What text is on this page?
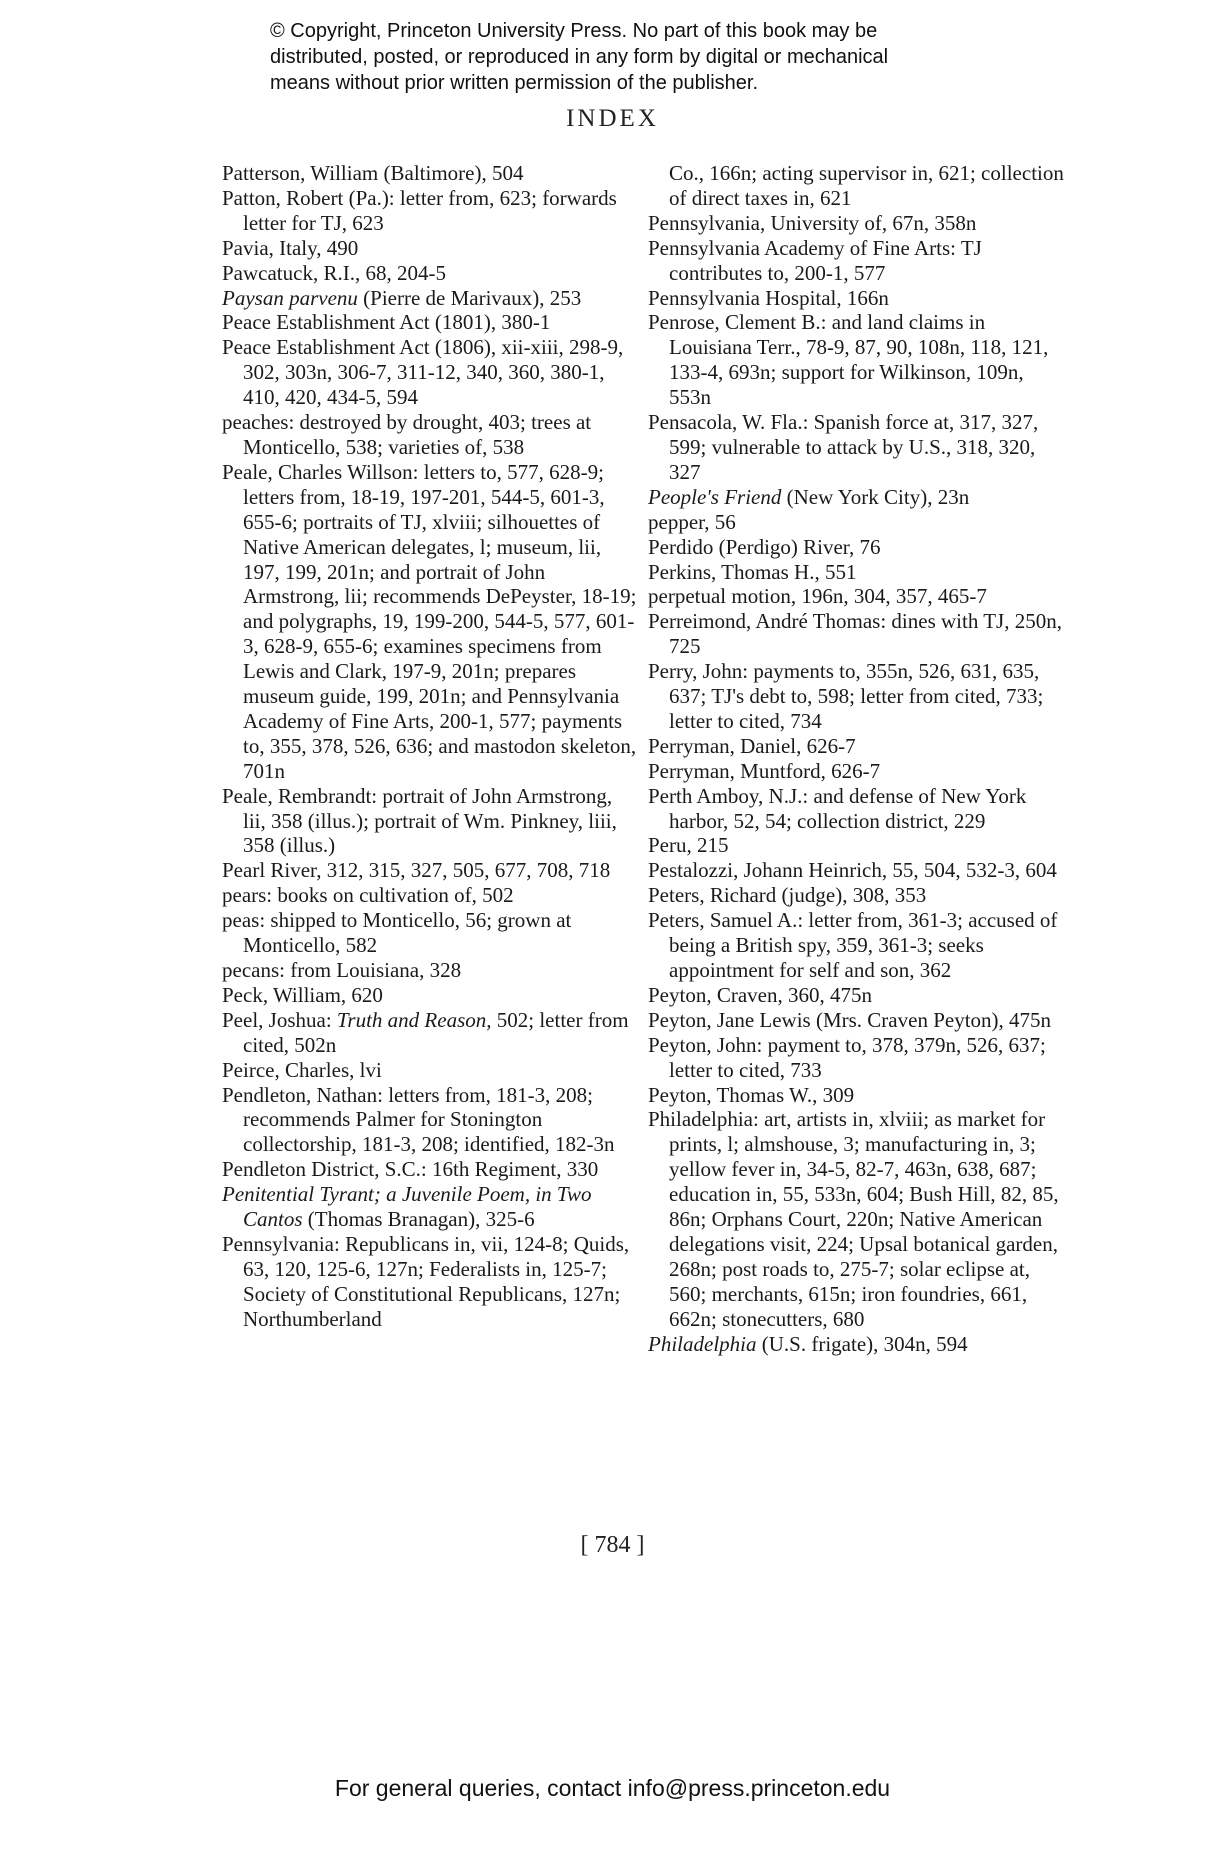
© Copyright, Princeton University Press. No part of this book may be
distributed, posted, or reproduced in any form by digital or mechanical
means without prior written permission of the publisher.
INDEX

Patterson, William (Baltimore), 504

Patton, Robert (Pa.): letter from, 623; forwards letter for TJ, 623

Pavia, Italy, 490

Pawcatuck, R.I., 68, 204-5

Paysan parvenu (Pierre de Marivaux), 253

Peace Establishment Act (1801), 380-1

Peace Establishment Act (1806), xii-xiii, 298-9, 302, 303n, 306-7, 311-12, 340, 360, 380-1, 410, 420, 434-5, 594

peaches: destroyed by drought, 403; trees at Monticello, 538; varieties of, 538

Peale, Charles Willson: letters to, 577, 628-9; letters from, 18-19, 197-201, 544-5, 601-3, 655-6; portraits of TJ, xlviii; silhouettes of Native American delegates, l; museum, lii, 197, 199, 201n; and portrait of John Armstrong, lii; recommends DePeyster, 18-19; and polygraphs, 19, 199-200, 544-5, 577, 601-3, 628-9, 655-6; examines specimens from Lewis and Clark, 197-9, 201n; prepares museum guide, 199, 201n; and Pennsylvania Academy of Fine Arts, 200-1, 577; payments to, 355, 378, 526, 636; and mastodon skeleton, 701n

Peale, Rembrandt: portrait of John Armstrong, lii, 358 (illus.); portrait of Wm. Pinkney, liii, 358 (illus.)

Pearl River, 312, 315, 327, 505, 677, 708, 718

pears: books on cultivation of, 502

peas: shipped to Monticello, 56; grown at Monticello, 582

pecans: from Louisiana, 328

Peck, William, 620

Peel, Joshua: Truth and Reason, 502; letter from cited, 502n

Peirce, Charles, lvi

Pendleton, Nathan: letters from, 181-3, 208; recommends Palmer for Stonington collectorship, 181-3, 208; identified, 182-3n

Pendleton District, S.C.: 16th Regiment, 330

Penitential Tyrant; a Juvenile Poem, in Two Cantos (Thomas Branagan), 325-6

Pennsylvania: Republicans in, vii, 124-8; Quids, 63, 120, 125-6, 127n; Federalists in, 125-7; Society of Constitutional Republicans, 127n; Northumberland

Co., 166n; acting supervisor in, 621; collection of direct taxes in, 621

Pennsylvania, University of, 67n, 358n

Pennsylvania Academy of Fine Arts: TJ contributes to, 200-1, 577

Pennsylvania Hospital, 166n

Penrose, Clement B.: and land claims in Louisiana Terr., 78-9, 87, 90, 108n, 118, 121, 133-4, 693n; support for Wilkinson, 109n, 553n

Pensacola, W. Fla.: Spanish force at, 317, 327, 599; vulnerable to attack by U.S., 318, 320, 327

People's Friend (New York City), 23n

pepper, 56

Perdido (Perdigo) River, 76

Perkins, Thomas H., 551

perpetual motion, 196n, 304, 357, 465-7

Perreimond, André Thomas: dines with TJ, 250n, 725

Perry, John: payments to, 355n, 526, 631, 635, 637; TJ's debt to, 598; letter from cited, 733; letter to cited, 734

Perryman, Daniel, 626-7

Perryman, Muntford, 626-7

Perth Amboy, N.J.: and defense of New York harbor, 52, 54; collection district, 229

Peru, 215

Pestalozzi, Johann Heinrich, 55, 504, 532-3, 604

Peters, Richard (judge), 308, 353

Peters, Samuel A.: letter from, 361-3; accused of being a British spy, 359, 361-3; seeks appointment for self and son, 362

Peyton, Craven, 360, 475n

Peyton, Jane Lewis (Mrs. Craven Peyton), 475n

Peyton, John: payment to, 378, 379n, 526, 637; letter to cited, 733

Peyton, Thomas W., 309

Philadelphia: art, artists in, xlviii; as market for prints, l; almshouse, 3; manufacturing in, 3; yellow fever in, 34-5, 82-7, 463n, 638, 687; education in, 55, 533n, 604; Bush Hill, 82, 85, 86n; Orphans Court, 220n; Native American delegations visit, 224; Upsal botanical garden, 268n; post roads to, 275-7; solar eclipse at, 560; merchants, 615n; iron foundries, 661, 662n; stonecutters, 680

Philadelphia (U.S. frigate), 304n, 594

[ 784 ]
For general queries, contact info@press.princeton.edu
